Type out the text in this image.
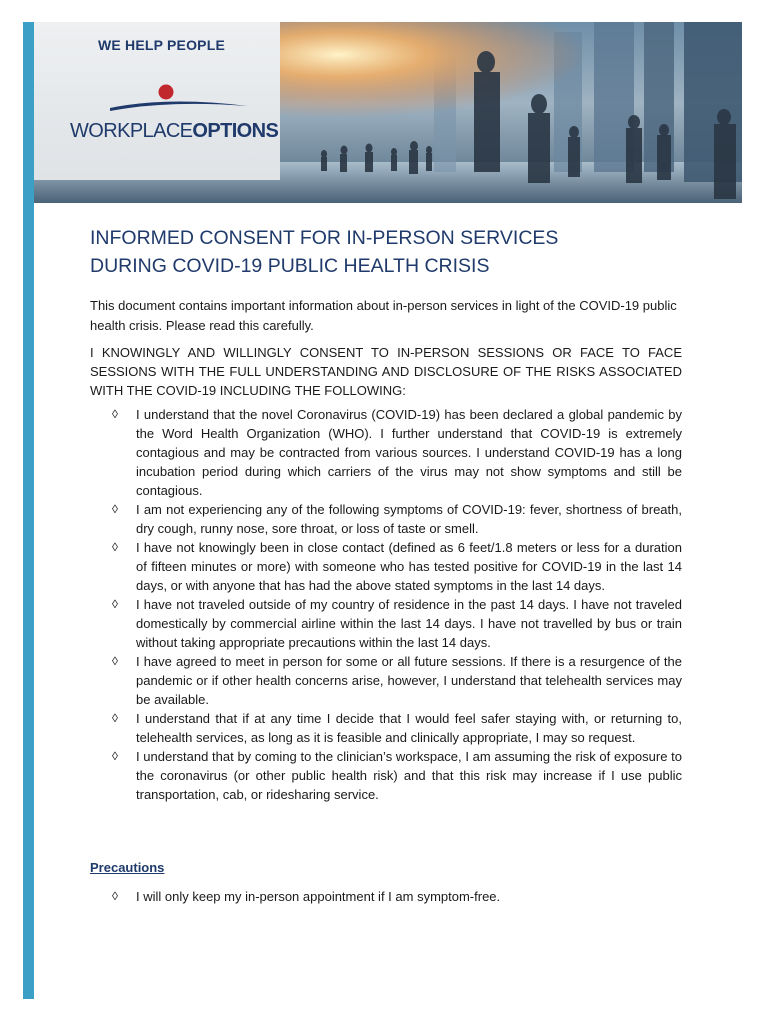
WE HELP PEOPLE
WORKPLACEOPTIONS
INFORMED CONSENT FOR IN-PERSON SERVICES
DURING COVID-19 PUBLIC HEALTH CRISIS

This document contains important information about in-person services in light of the COVID-19 public health crisis. Please read this carefully.

I KNOWINGLY AND WILLINGLY CONSENT TO IN-PERSON SESSIONS OR FACE TO FACE SESSIONS WITH THE FULL UNDERSTANDING AND DISCLOSURE OF THE RISKS ASSOCIATED WITH THE COVID-19 INCLUDING THE FOLLOWING:

◊ I understand that the novel Coronavirus (COVID-19) has been declared a global pandemic by the Word Health Organization (WHO). I further understand that COVID-19 is extremely contagious and may be contracted from various sources. I understand COVID-19 has a long incubation period during which carriers of the virus may not show symptoms and still be contagious.
◊ I am not experiencing any of the following symptoms of COVID-19: fever, shortness of breath, dry cough, runny nose, sore throat, or loss of taste or smell.
◊ I have not knowingly been in close contact (defined as 6 feet/1.8 meters or less for a duration of fifteen minutes or more) with someone who has tested positive for COVID-19 in the last 14 days, or with anyone that has had the above stated symptoms in the last 14 days.
◊ I have not traveled outside of my country of residence in the past 14 days. I have not traveled domestically by commercial airline within the last 14 days. I have not travelled by bus or train without taking appropriate precautions within the last 14 days.
◊ I have agreed to meet in person for some or all future sessions. If there is a resurgence of the pandemic or if other health concerns arise, however, I understand that telehealth services may be available.
◊ I understand that if at any time I decide that I would feel safer staying with, or returning to, telehealth services, as long as it is feasible and clinically appropriate, I may so request.
◊ I understand that by coming to the clinician’s workspace, I am assuming the risk of exposure to the coronavirus (or other public health risk) and that this risk may increase if I use public transportation, cab, or ridesharing service.
Precautions
◊ I will only keep my in-person appointment if I am symptom-free.
